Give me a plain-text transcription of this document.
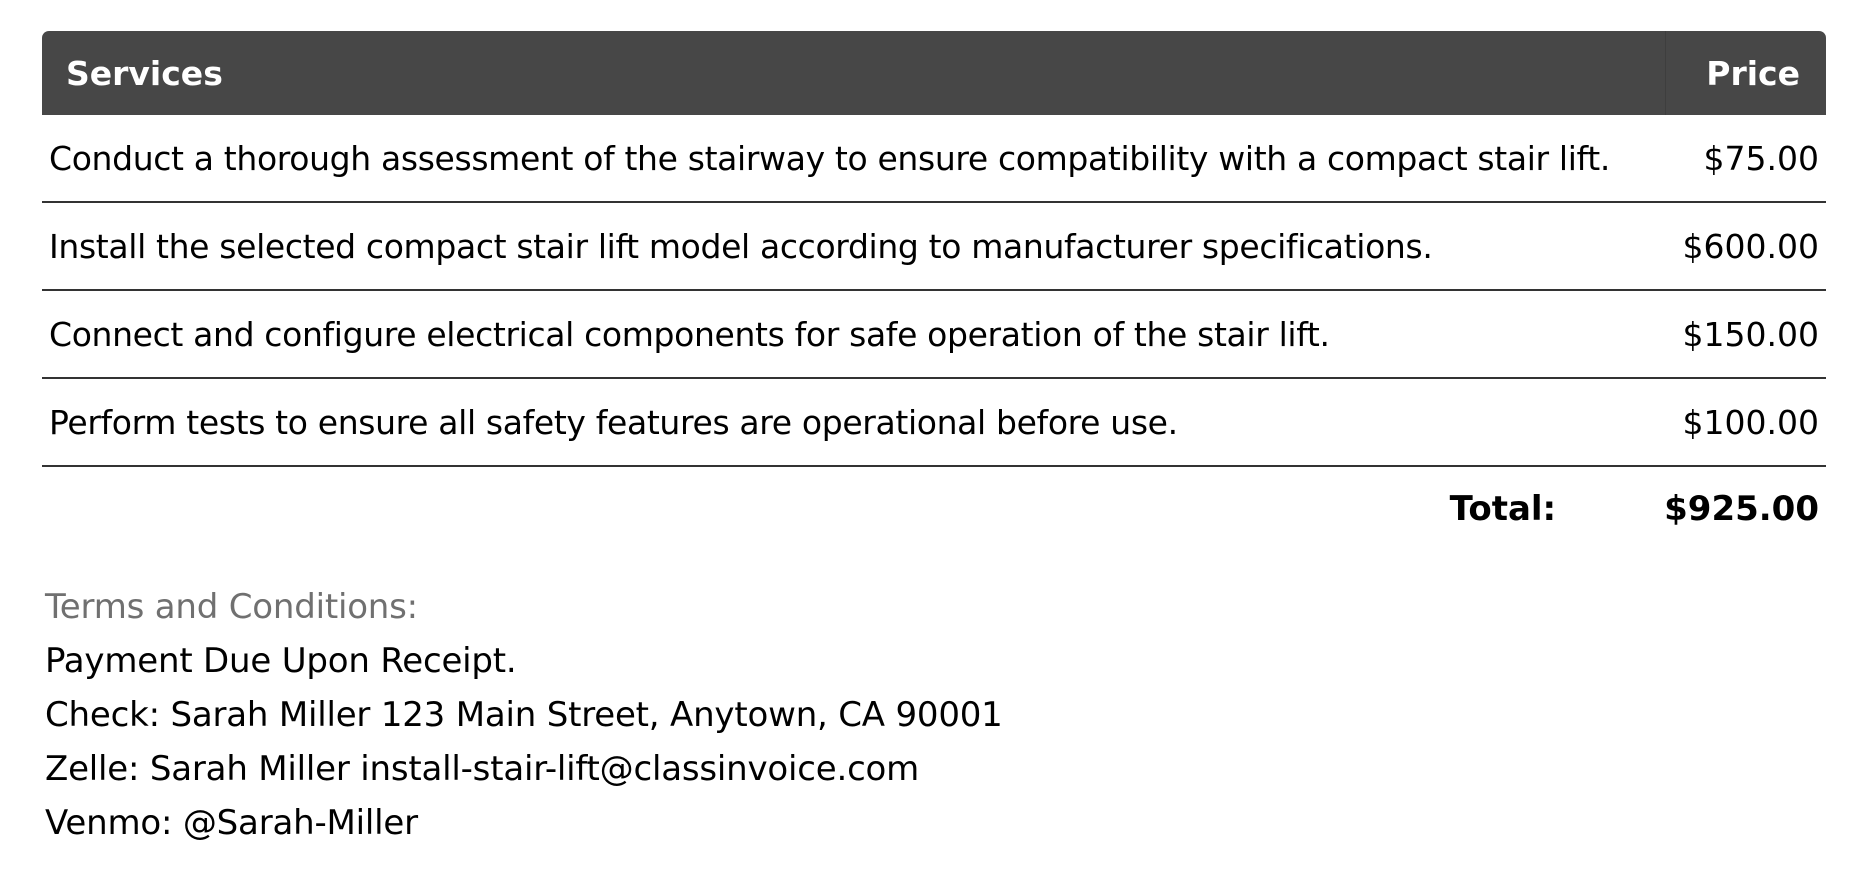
Services	Price
Conduct a thorough assessment of the stairway to ensure compatibility with a compact stair lift.	$75.00
Install the selected compact stair lift model according to manufacturer specifications.	$600.00
Connect and configure electrical components for safe operation of the stair lift.	$150.00
Perform tests to ensure all safety features are operational before use.	$100.00
Total:	$925.00
Terms and Conditions:
Payment Due Upon Receipt.
Check: Sarah Miller 123 Main Street, Anytown, CA 90001
Zelle: Sarah Miller install-stair-lift@classinvoice.com
Venmo: @Sarah-Miller
